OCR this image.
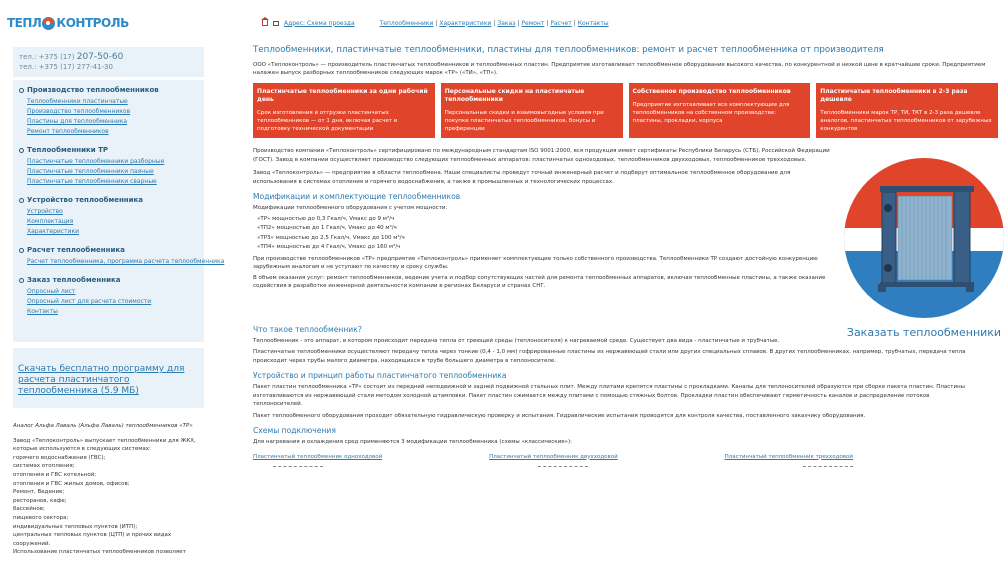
ТЕПЛ КОНТРОЛЬ
тел.: +375 (17) 207-50-60
тел.: +375 (17) 277-41-30
Производство теплообменников
Теплообменники пластинчатые
Производство теплообменников
Пластины для теплообменника
Ремонт теплообменников
Теплообменники ТР
Пластинчатые теплообменники разборные
Пластинчатые теплообменники паяные
Пластинчатые теплообменники сварные
Устройство теплообменника
Устройство
Комплектация
Характеристики
Расчет теплообменника
Расчет теплообменника, программа расчета теплообменника
Заказ теплообменника
Опросный лист
Опросный лист для расчета стоимости
Контакты
Скачать бесплатно программу для расчета пластинчатого теплообменника (5.9 МБ)
Аналог Альфа Лаваль (Альфа Лаваль) теплообменников «ТР»
Завод «Теплоконтроль» выпускает теплообменники для ЖКХ, которые используются в следующих системах:
горячего водоснабжения (ГВС);
системах отопления;
отопления и ГВС котельной;
отопления и ГВС жилых домов, офисов;
Ремонт, Ведение;
ресторанов, кафе;
бассейнов;
пищевого сектора;
индивидуальных тепловых пунктов (ИТП);
центральных тепловых пунктов (ЦТП) и прочих видах сооружений.
Использование пластинчатых теплообменников позволяет
Адрес: Схема проезда	Теплообменники | Характеристики | Заказ | Ремонт | Расчет | Контакты
Теплообменники, пластинчатые теплообменники, пластины для теплообменников: ремонт и расчет теплообменника от производителя
ООО «Теплоконтроль» — производитель пластинчатых теплообменников и теплообменных пластин. Предприятие изготавливает теплообменное оборудование высокого качества, по конкурентной и низкой цене в кратчайшие сроки. Предприятием налажен выпуск разборных теплообменников следующих марок «ТР» («ТИ», «ТП»).
Пластинчатые теплообменники за одни рабочий день
Срок изготовления и отгрузки пластинчатых теплообменников — от 1 дня, включая расчет и подготовку технической документации
Персональные скидки на пластинчатые теплообменники
Персональные скидки и взаимовыгодные условия при покупке пластинчатых теплообменников, бонусы и преференции
Собственное производство теплообменников
Предприятие изготавливает все комплектующие для теплообменников на собственном производстве: пластины, прокладки, корпуса
Пластинчатые теплообменники в 2-3 раза дешевле
Теплообменники марок ТР, ТИ, ТКТ в 2-3 раза дешевле аналогов, пластинчатых теплообменников от зарубежных конкурентов
Производство компании «Теплоконтроль» сертифицировано по международным стандартам ISO 9001:2000, вся продукция имеет сертификаты Республики Беларусь (СТБ), Российской Федерации (ГОСТ). Завод в компании осуществляет производство следующих теплообменных аппаратов: пластинчатых одноходовых, теплообменников двухходовых, теплообменников трехходовых.
Завод «Теплоконтроль» — предприятие в области теплообмена. Наши специалисты проведут точный инженерный расчет и подберут оптимальное теплообменное оборудование для использования в системах отопления и горячего водоснабжения, а также в промышленных и технологических процессах.
Модификации и комплектующие теплообменников
Модификации теплообменного оборудования с учетом мощности:
«ТР» мощностью до 0,3 Гкал/ч, Vмакс до 9 м³/ч
«ТП2» мощностью до 1 Гкал/ч, Vмакс до 40 м³/ч
«ТР3» мощностью до 2,5 Гкал/ч, Vмакс до 100 м³/ч
«ТП4» мощностью до 4 Гкал/ч, Vмакс до 160 м³/ч
При производстве теплообменников «ТР» предприятие «Теплоконтроль» применяет комплектующие только собственного производства. Теплообменники ТР создают достойную конкуренцию зарубежным аналогам и не уступают по качеству и сроку службы.
В объем оказания услуг: ремонт теплообменников, ведение учета и подбор сопутствующих частей для ремонта теплообменных аппаратов, включая теплообменные пластины, а также оказание содействия в разработке инженерной деятельности компании в регионах Беларуси и странах СНГ.
Что такое теплообменник?
Теплообменник - это аппарат, в котором происходит передача тепла от греющей среды (теплоносителя) к нагреваемой среде. Существует два вида - пластинчатые и трубчатые.
Пластинчатые теплообменники осуществляют передачу тепла через тонкие (0,4 - 1,0 мм) гофрированные пластины из нержавеющей стали или других специальных сплавов. В других теплообменниках, например, трубчатых, передача тепла происходит через трубы малого диаметра, находящихся в трубе большего диаметра в теплоносителе.
Устройство и принцип работы пластинчатого теплообменника
Пакет пластин теплообменника «ТР» состоит из передней неподвижной и задней подвижной стальных плит. Между плитами крепятся пластины с прокладками. Каналы для теплоносителей образуются при сборке пакета пластин. Пластины изготавливаются из нержавеющей стали методом холодной штамповки. Пакет пластин сжимается между плитами с помощью стяжных болтов. Прокладки пластин обеспечивают герметичность каналов и распределение потоков теплоносителей.
Пакет теплообменного оборудования проходит обязательную гидравлическую проверку и испытания. Гидравлические испытания проводятся для контроля качества, поставленного заказчику оборудования.
Схемы подключения
Для нагревания и охлаждения сред применяются 3 модификации теплообменника (схемы «классические»):
Пластинчатый теплообменник одноходовой	Пластинчатый теплообменник двухходовой	Пластинчатый теплообменник трехходовой
Заказать теплообменники
